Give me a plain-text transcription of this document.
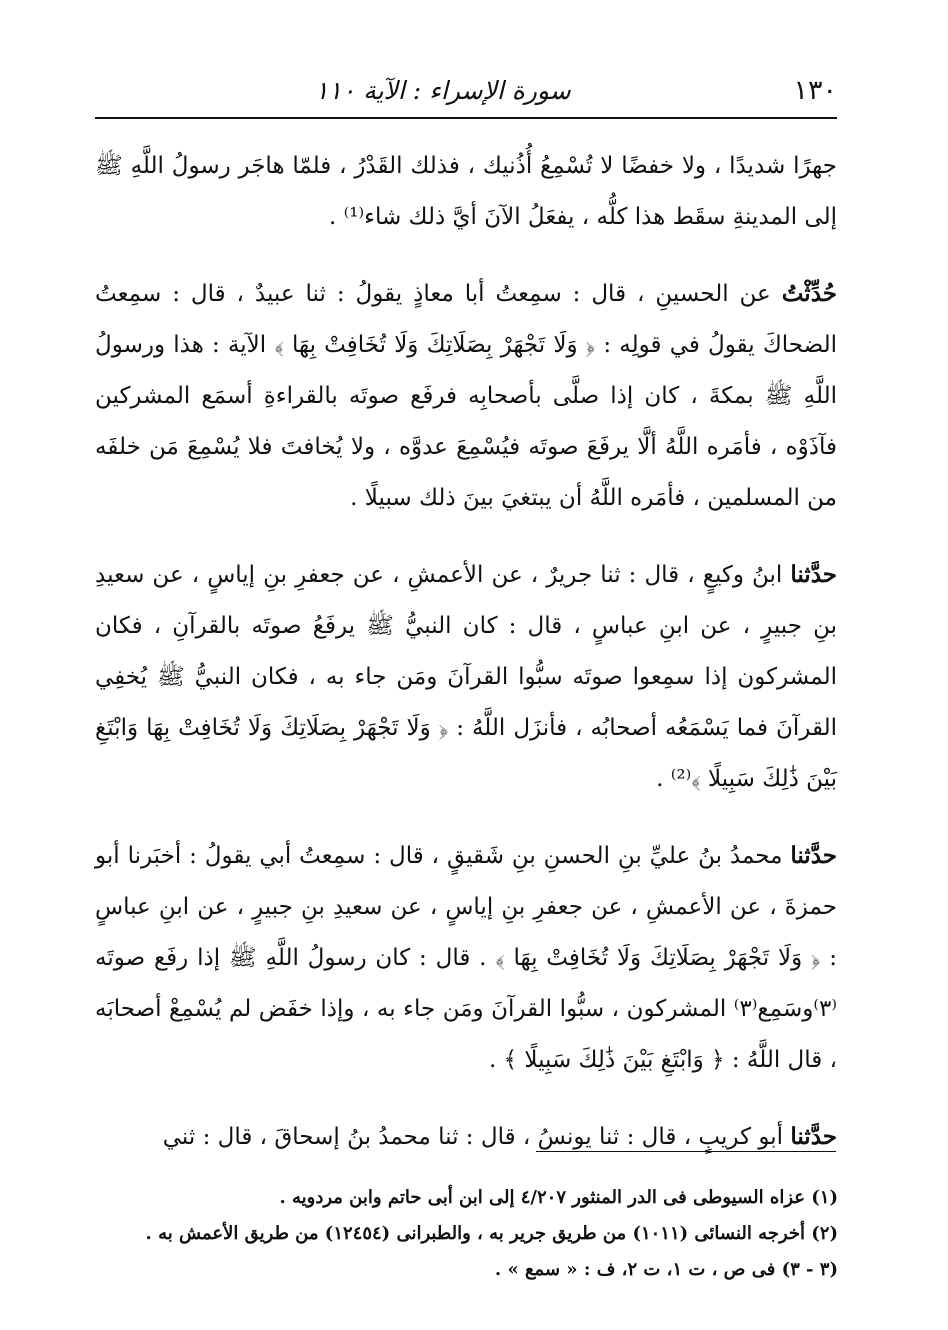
١٣٠
سورة الإسراء : الآية ١١٠

جهرًا شديدًا ، ولا خفضًا لا تُسْمِعُ أُذُنيك ، فذلك القَدْرُ ، فلمّا هاجَر رسولُ اللَّهِ ﷺ إلى المدينةِ سقَط هذا كلُّه ، يفعَلُ الآنَ أيَّ ذلك شاء⁽¹⁾ .

حُدِّثْتُ عن الحسينِ ، قال : سمِعتُ أبا معاذٍ يقولُ : ثنا عبيدٌ ، قال : سمِعتُ الضحاكَ يقولُ في قولِه : ﴿ وَلَا تَجْهَرْ بِصَلَاتِكَ وَلَا تُخَافِتْ بِهَا ﴾ الآية : هذا ورسولُ اللَّهِ ﷺ بمكةَ ، كان إذا صلَّى بأصحابِه فرفَع صوتَه بالقراءةِ أسمَع المشركين فآذَوْه ، فأمَره اللَّهُ ألَّا يرفَعَ صوتَه فيُسْمِعَ عدوَّه ، ولا يُخافتَ فلا يُسْمِعَ مَن خلفَه من المسلمين ، فأمَره اللَّهُ أن يبتغيَ بينَ ذلك سبيلًا .

حدَّثنا ابنُ وكيعٍ ، قال : ثنا جريرٌ ، عن الأعمشِ ، عن جعفرِ بنِ إياسٍ ، عن سعيدِ بنِ جبيرٍ ، عن ابنِ عباسٍ ، قال : كان النبيُّ ﷺ يرفَعُ صوتَه بالقرآنِ ، فكان المشركون إذا سمِعوا صوتَه سبُّوا القرآنَ ومَن جاء به ، فكان النبيُّ ﷺ يُخفِي القرآنَ فما يَسْمَعُه أصحابُه ، فأنزَل اللَّهُ : ﴿ وَلَا تَجْهَرْ بِصَلَاتِكَ وَلَا تُخَافِتْ بِهَا وَابْتَغِ بَيْنَ ذَٰلِكَ سَبِيلًا ﴾⁽²⁾ .

حدَّثنا محمدُ بنُ عليِّ بنِ الحسنِ بنِ شَقيقٍ ، قال : سمِعتُ أبي يقولُ : أخبَرنا أبو حمزةَ ، عن الأعمشِ ، عن جعفرِ بنِ إياسٍ ، عن سعيدِ بنِ جبيرٍ ، عن ابنِ عباسٍ : ﴿ وَلَا تَجْهَرْ بِصَلَاتِكَ وَلَا تُخَافِتْ بِهَا ﴾ . قال : كان رسولُ اللَّهِ ﷺ إذا رفَع صوتَه ⁽٣⁾وسَمِع⁽٣⁾ المشركون ، سبُّوا القرآنَ ومَن جاء به ، وإذا خفَض لم يُسْمِعْ أصحابَه ، قال اللَّهُ : ﴿ وَابْتَغِ بَيْنَ ذَٰلِكَ سَبِيلًا ﴾ .

حدَّثنا أبو كريبٍ ، قال : ثنا يونسُ ، قال : ثنا محمدُ بنُ إسحاقَ ، قال : ثني

(١) عزاه السيوطى فى الدر المنثور ٤/٢٠٧ إلى ابن أبى حاتم وابن مردويه .

(٢) أخرجه النسائى (١٠١١) من طريق جرير به ، والطبرانى (١٢٤٥٤) من طريق الأعمش به .

(٣ - ٣) فى ص ، ت ١، ت ٢، ف : « سمع » .
